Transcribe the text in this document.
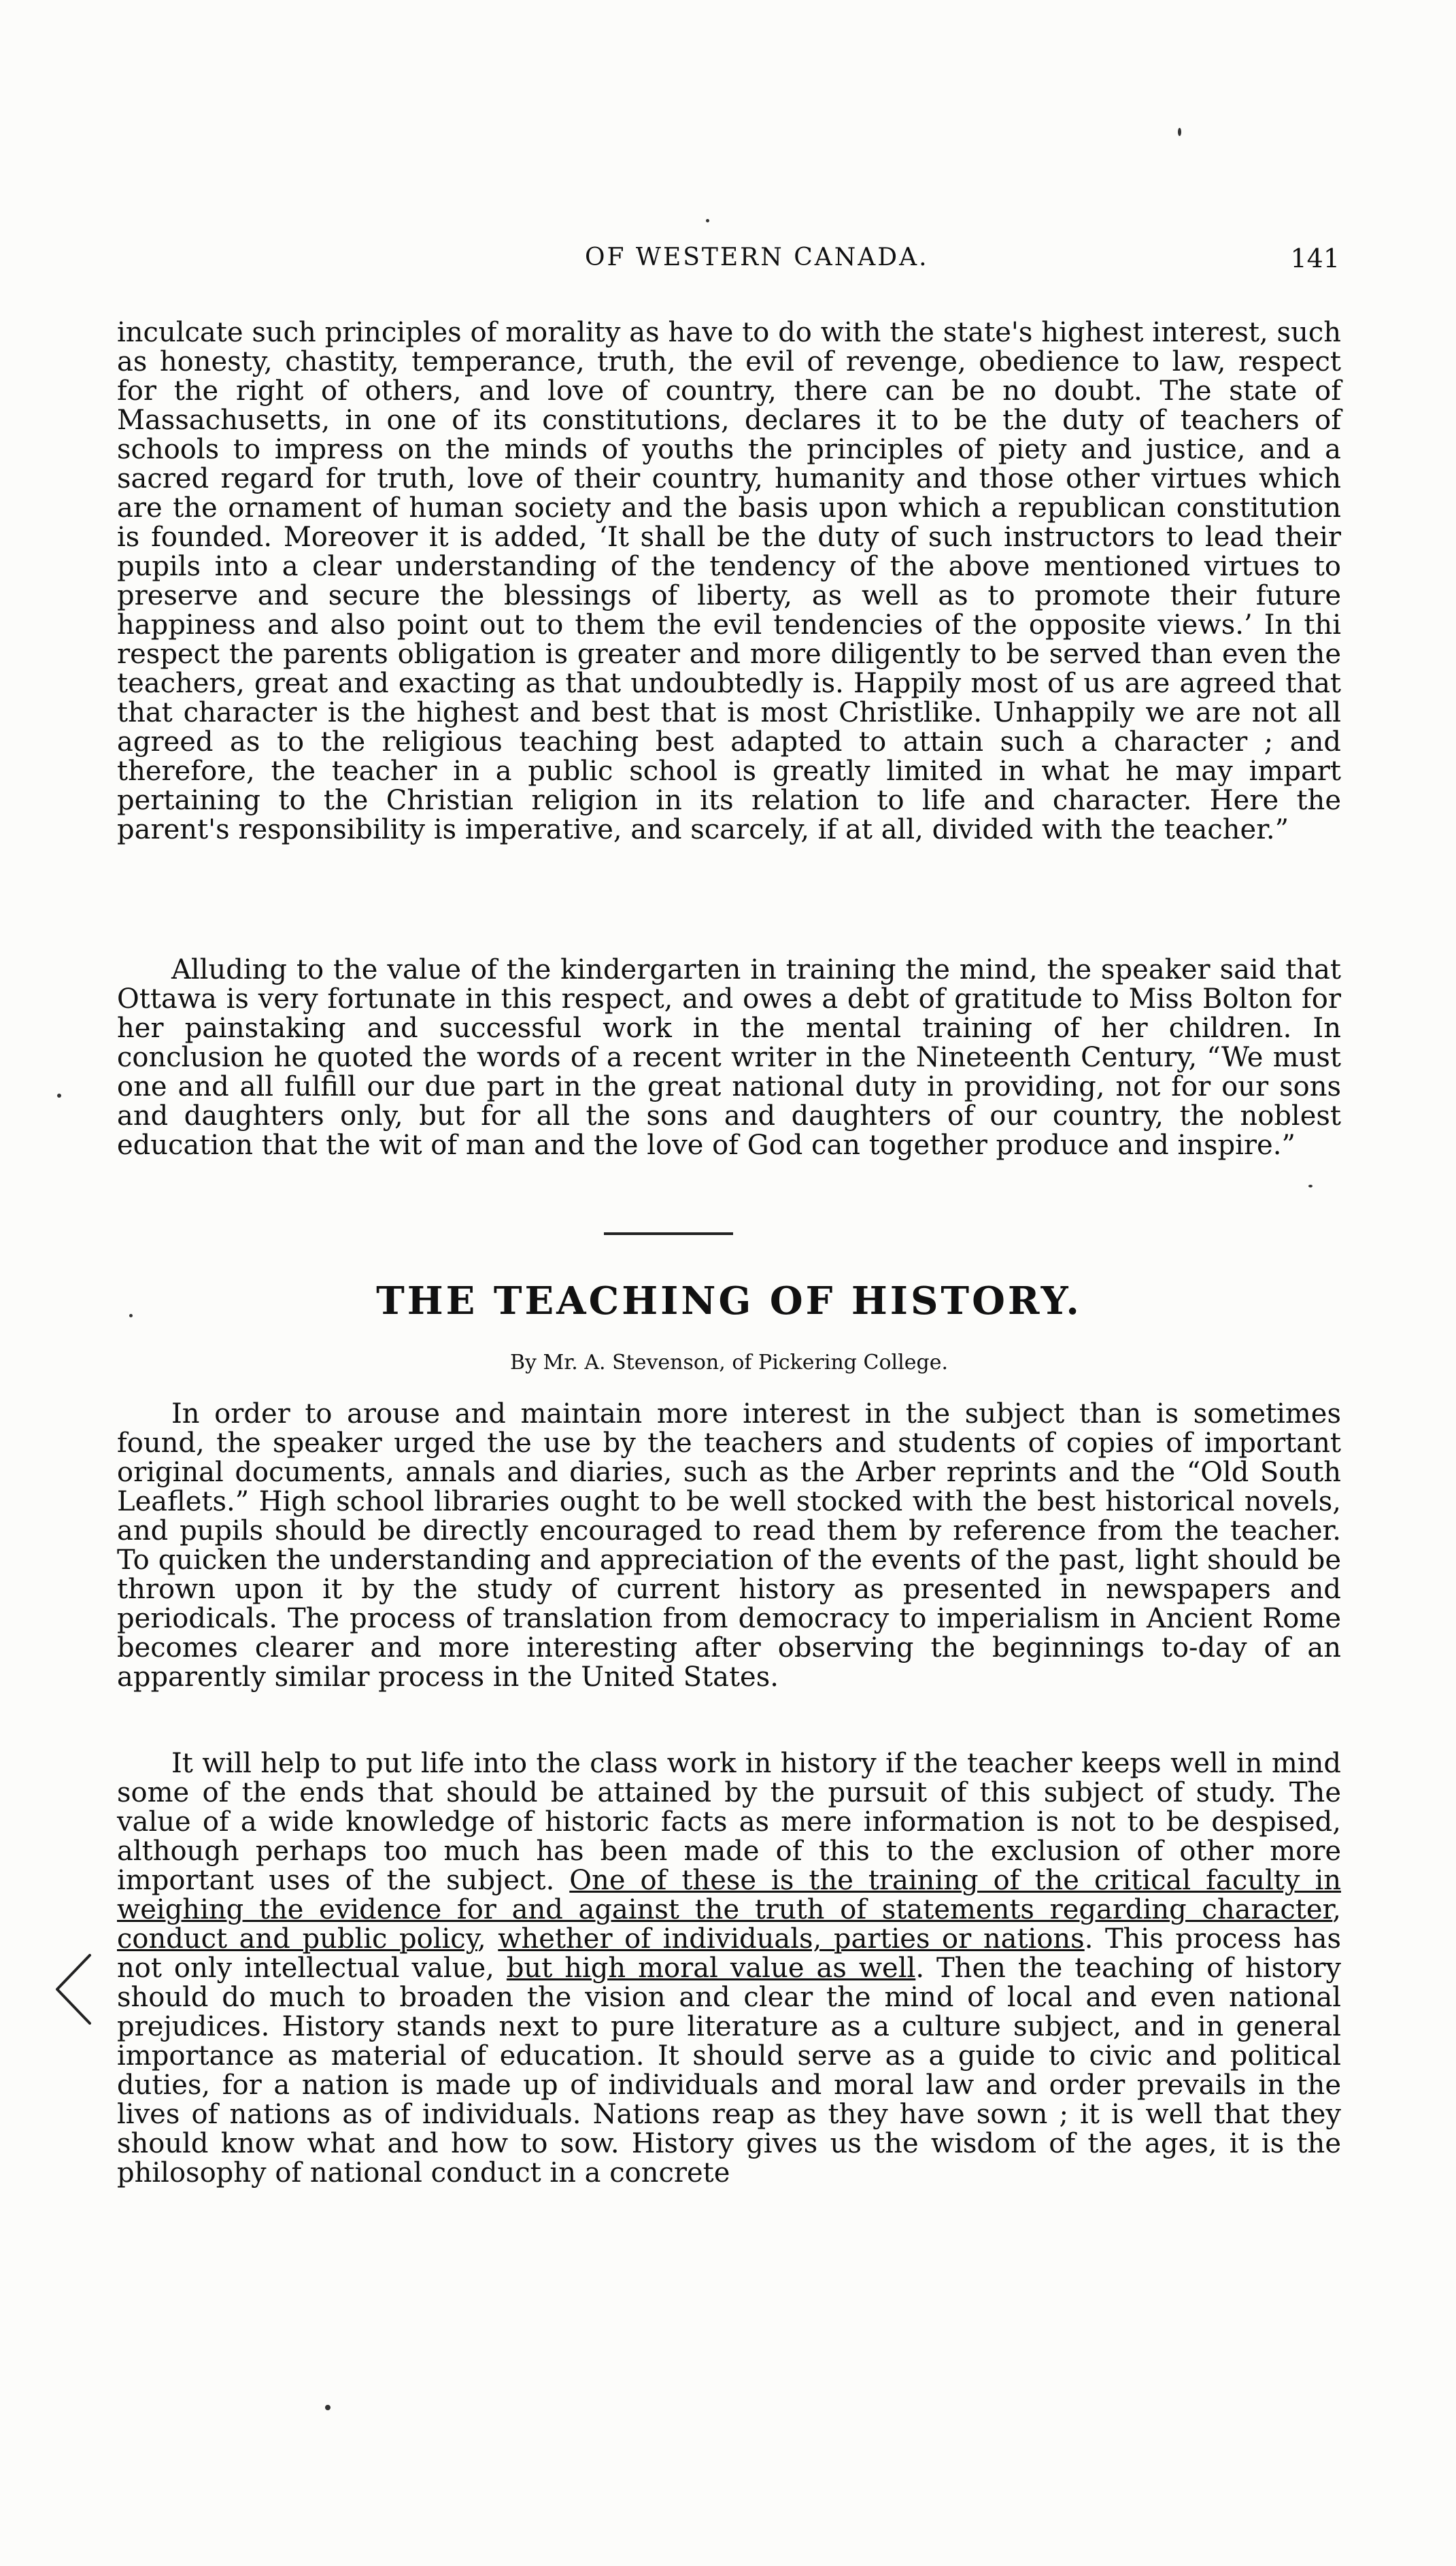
OF WESTERN CANADA.	141

inculcate such principles of morality as have to do with the state's highest interest, such as honesty, chastity, temperance, truth, the evil of revenge, obedience to law, respect for the right of others, and love of country, there can be no doubt. The state of Massachusetts, in one of its constitutions, declares it to be the duty of teachers of schools to impress on the minds of youths the principles of piety and justice, and a sacred regard for truth, love of their country, humanity and those other virtues which are the ornament of human society and the basis upon which a republican constitution is founded. Moreover it is added, ‘It shall be the duty of such instructors to lead their pupils into a clear understanding of the tendency of the above mentioned virtues to preserve and secure the blessings of liberty, as well as to promote their future happiness and also point out to them the evil tendencies of the opposite views.’ In thi respect the parents obligation is greater and more diligently to be served than even the teachers, great and exacting as that undoubtedly is. Happily most of us are agreed that that character is the highest and best that is most Christlike. Unhappily we are not all agreed as to the religious teaching best adapted to attain such a character ; and therefore, the teacher in a public school is greatly limited in what he may impart pertaining to the Christian religion in its relation to life and character. Here the parent's responsibility is imperative, and scarcely, if at all, divided with the teacher.”

Alluding to the value of the kindergarten in training the mind, the speaker said that Ottawa is very fortunate in this respect, and owes a debt of gratitude to Miss Bolton for her painstaking and successful work in the mental training of her children. In conclusion he quoted the words of a recent writer in the Nineteenth Century, “We must one and all fulfill our due part in the great national duty in providing, not for our sons and daughters only, but for all the sons and daughters of our country, the noblest education that the wit of man and the love of God can together produce and inspire.”

THE TEACHING OF HISTORY.

By Mr. A. Stevenson, of Pickering College.

In order to arouse and maintain more interest in the subject than is sometimes found, the speaker urged the use by the teachers and students of copies of important original documents, annals and diaries, such as the Arber reprints and the “Old South Leaflets.” High school libraries ought to be well stocked with the best historical novels, and pupils should be directly encouraged to read them by reference from the teacher. To quicken the understanding and appreciation of the events of the past, light should be thrown upon it by the study of current history as presented in newspapers and periodicals. The process of translation from democracy to imperialism in Ancient Rome becomes clearer and more interesting after observing the beginnings to-day of an apparently similar process in the United States.

It will help to put life into the class work in history if the teacher keeps well in mind some of the ends that should be attained by the pursuit of this subject of study. The value of a wide knowledge of historic facts as mere information is not to be despised, although perhaps too much has been made of this to the exclusion of other more important uses of the subject. One of these is the training of the critical faculty in weighing the evidence for and against the truth of statements regarding character, conduct and public policy, whether of individuals, parties or nations. This process has not only intellectual value, but high moral value as well. Then the teaching of history should do much to broaden the vision and clear the mind of local and even national prejudices. History stands next to pure literature as a culture subject, and in general importance as material of education. It should serve as a guide to civic and political duties, for a nation is made up of individuals and moral law and order prevails in the lives of nations as of individuals. Nations reap as they have sown ; it is well that they should know what and how to sow. History gives us the wisdom of the ages, it is the philosophy of national conduct in a concrete
